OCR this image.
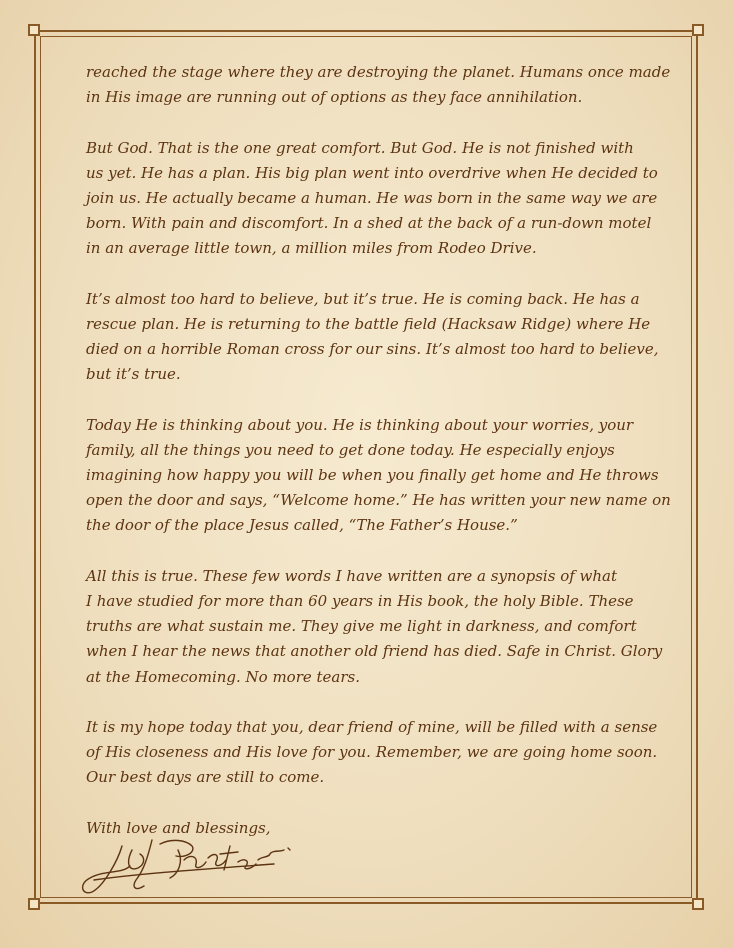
reached the stage where they are destroying the planet. Humans once made
in His image are running out of options as they face annihilation.
But God. That is the one great comfort. But God. He is not finished with
us yet. He has a plan. His big plan went into overdrive when He decided to
join us. He actually became a human. He was born in the same way we are
born. With pain and discomfort. In a shed at the back of a run-down motel
in an average little town, a million miles from Rodeo Drive.
It’s almost too hard to believe, but it’s true. He is coming back. He has a
rescue plan. He is returning to the battle field (Hacksaw Ridge) where He
died on a horrible Roman cross for our sins. It’s almost too hard to believe,
but it’s true.
Today He is thinking about you. He is thinking about your worries, your
family, all the things you need to get done today. He especially enjoys
imagining how happy you will be when you finally get home and He throws
open the door and says, “Welcome home.” He has written your new name on
the door of the place Jesus called, “The Father’s House.”
All this is true. These few words I have written are a synopsis of what
I have studied for more than 60 years in His book, the holy Bible. These
truths are what sustain me. They give me light in darkness, and comfort
when I hear the news that another old friend has died. Safe in Christ. Glory
at the Homecoming. No more tears.
It is my hope today that you, dear friend of mine, will be filled with a sense
of His closeness and His love for you. Remember, we are going home soon.
Our best days are still to come.
With love and blessings,
